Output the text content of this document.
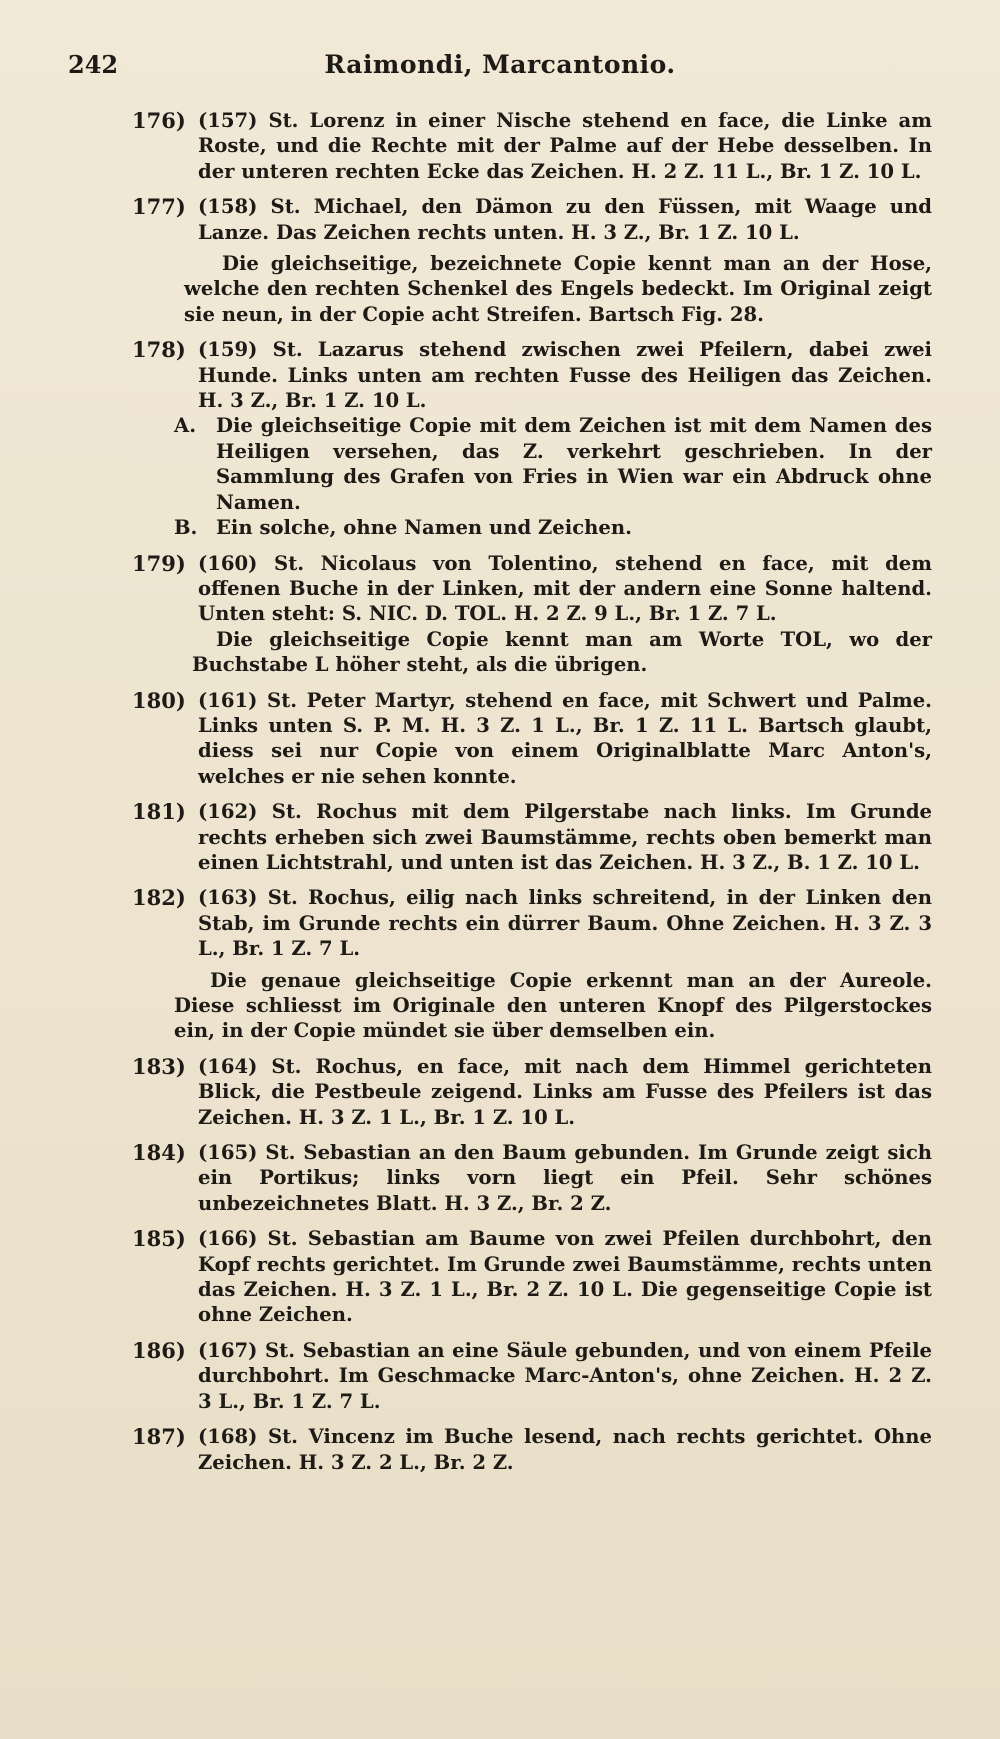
242	Raimondi, Marcantonio.
176) (157) St. Lorenz in einer Nische stehend en face, die Linke am Roste, und die Rechte mit der Palme auf der Hebe desselben. In der unteren rechten Ecke das Zeichen. H. 2 Z. 11 L., Br. 1 Z. 10 L.
177) (158) St. Michael, den Dämon zu den Füssen, mit Waage und Lanze. Das Zeichen rechts unten. H. 3 Z., Br. 1 Z. 10 L.
Die gleichseitige, bezeichnete Copie kennt man an der Hose, welche den rechten Schenkel des Engels bedeckt. Im Original zeigt sie neun, in der Copie acht Streifen. Bartsch Fig. 28.
178) (159) St. Lazarus stehend zwischen zwei Pfeilern, dabei zwei Hunde. Links unten am rechten Fusse des Heiligen das Zeichen. H. 3 Z., Br. 1 Z. 10 L.
A.	Die gleichseitige Copie mit dem Zeichen ist mit dem Namen des Heiligen versehen, das Z. verkehrt geschrieben. In der Sammlung des Grafen von Fries in Wien war ein Abdruck ohne Namen.
B. Ein solche, ohne Namen und Zeichen.
179) (160) St. Nicolaus von Tolentino, stehend en face, mit dem offenen Buche in der Linken, mit der andern eine Sonne haltend. Unten steht: S. NIC. D. TOL. H. 2 Z. 9 L., Br. 1 Z. 7 L.
Die gleichseitige Copie kennt man am Worte TOL, wo der Buchstabe L höher steht, als die übrigen.
180) (161) St. Peter Martyr, stehend en face, mit Schwert und Palme. Links unten S. P. M. H. 3 Z. 1 L., Br. 1 Z. 11 L. Bartsch glaubt, diess sei nur Copie von einem Originalblatte Marc Anton's, welches er nie sehen konnte.
181) (162) St. Rochus mit dem Pilgerstabe nach links. Im Grunde rechts erheben sich zwei Baumstämme, rechts oben bemerkt man einen Lichtstrahl, und unten ist das Zeichen. H. 3 Z., B. 1 Z. 10 L.
182) (163) St. Rochus, eilig nach links schreitend, in der Linken den Stab, im Grunde rechts ein dürrer Baum. Ohne Zeichen. H. 3 Z. 3 L., Br. 1 Z. 7 L.
Die genaue gleichseitige Copie erkennt man an der Aureole. Diese schliesst im Originale den unteren Knopf des Pilgerstockes ein, in der Copie mündet sie über demselben ein.
183) (164) St. Rochus, en face, mit nach dem Himmel gerichteten Blick, die Pestbeule zeigend. Links am Fusse des Pfeilers ist das Zeichen. H. 3 Z. 1 L., Br. 1 Z. 10 L.
184) (165) St. Sebastian an den Baum gebunden. Im Grunde zeigt sich ein Portikus; links vorn liegt ein Pfeil. Sehr schönes unbezeichnetes Blatt. H. 3 Z., Br. 2 Z.
185) (166) St. Sebastian am Baume von zwei Pfeilen durchbohrt, den Kopf rechts gerichtet. Im Grunde zwei Baumstämme, rechts unten das Zeichen. H. 3 Z. 1 L., Br. 2 Z. 10 L. Die gegenseitige Copie ist ohne Zeichen.
186) (167) St. Sebastian an eine Säule gebunden, und von einem Pfeile durchbohrt. Im Geschmacke Marc-Anton's, ohne Zeichen. H. 2 Z. 3 L., Br. 1 Z. 7 L.
187) (168) St. Vincenz im Buche lesend, nach rechts gerichtet. Ohne Zeichen. H. 3 Z. 2 L., Br. 2 Z.
